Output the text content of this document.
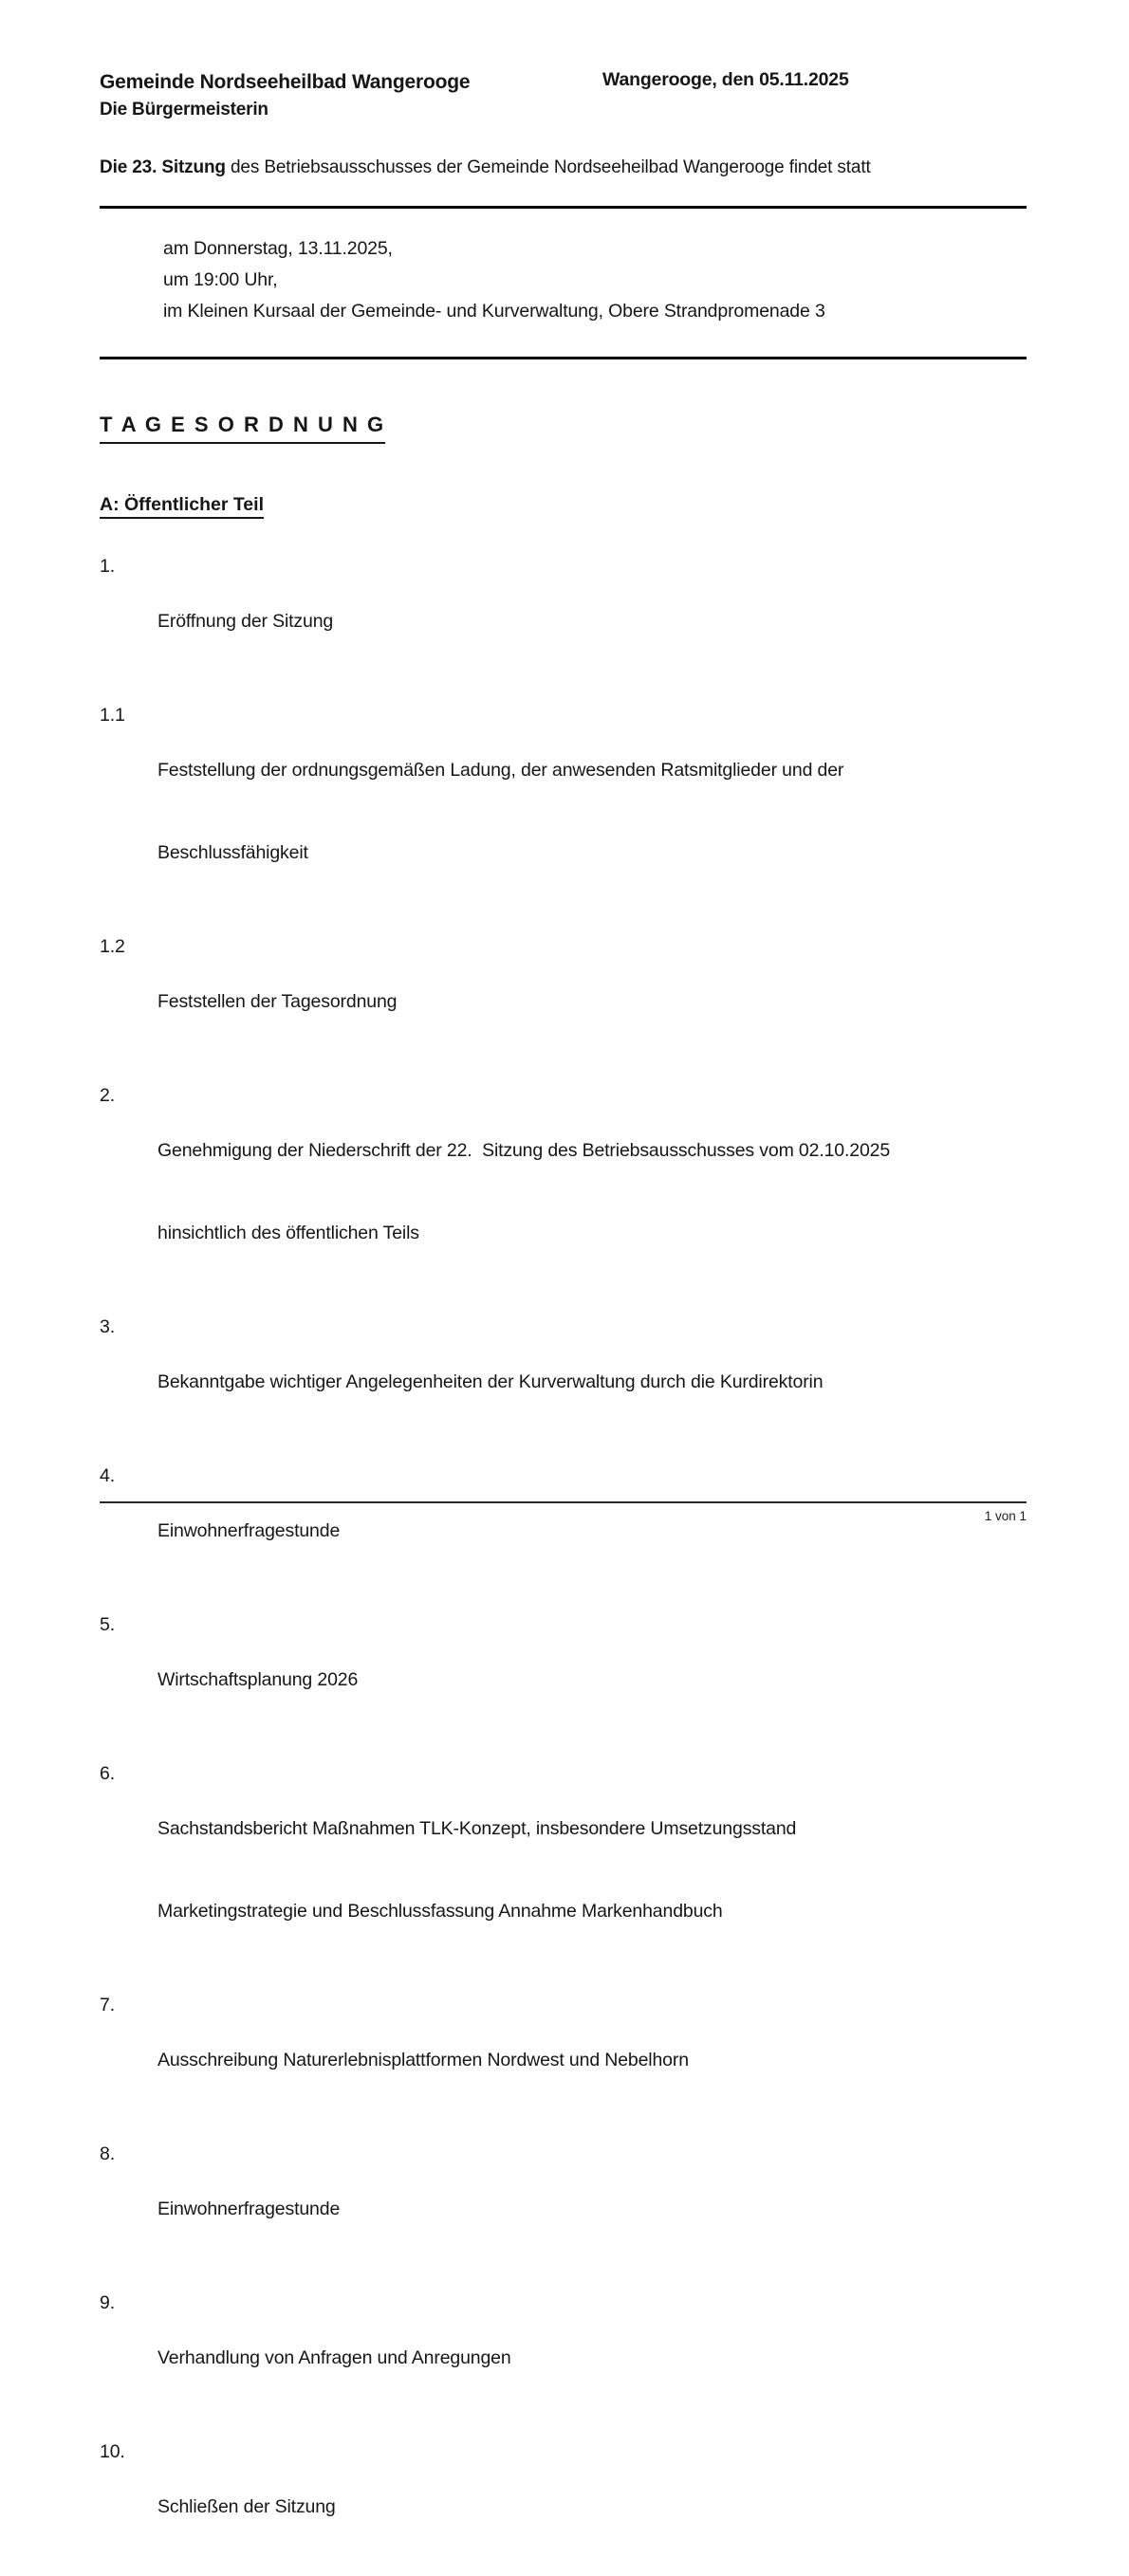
Gemeinde Nordseeheilbad Wangerooge
Die Bürgermeisterin
Wangerooge, den 05.11.2025

Die 23. Sitzung des Betriebsausschusses der Gemeinde Nordseeheilbad Wangerooge findet statt

am Donnerstag, 13.11.2025,
um 19:00 Uhr,
im Kleinen Kursaal der Gemeinde- und Kurverwaltung, Obere Strandpromenade 3
T A G E S O R D N U N G
A: Öffentlicher Teil
1.

Eröffnung der Sitzung

1.1

Feststellung der ordnungsgemäßen Ladung, der anwesenden Ratsmitglieder und der

Beschlussfähigkeit

1.2

Feststellen der Tagesordnung

2.

Genehmigung der Niederschrift der 22.  Sitzung des Betriebsausschusses vom 02.10.2025

hinsichtlich des öffentlichen Teils

3.

Bekanntgabe wichtiger Angelegenheiten der Kurverwaltung durch die Kurdirektorin

4.

Einwohnerfragestunde

5.

Wirtschaftsplanung 2026

6.

Sachstandsbericht Maßnahmen TLK-Konzept, insbesondere Umsetzungsstand

Marketingstrategie und Beschlussfassung Annahme Markenhandbuch

7.

Ausschreibung Naturerlebnisplattformen Nordwest und Nebelhorn

8.

Einwohnerfragestunde

9.

Verhandlung von Anfragen und Anregungen

10.

Schließen der Sitzung

1 von 1
